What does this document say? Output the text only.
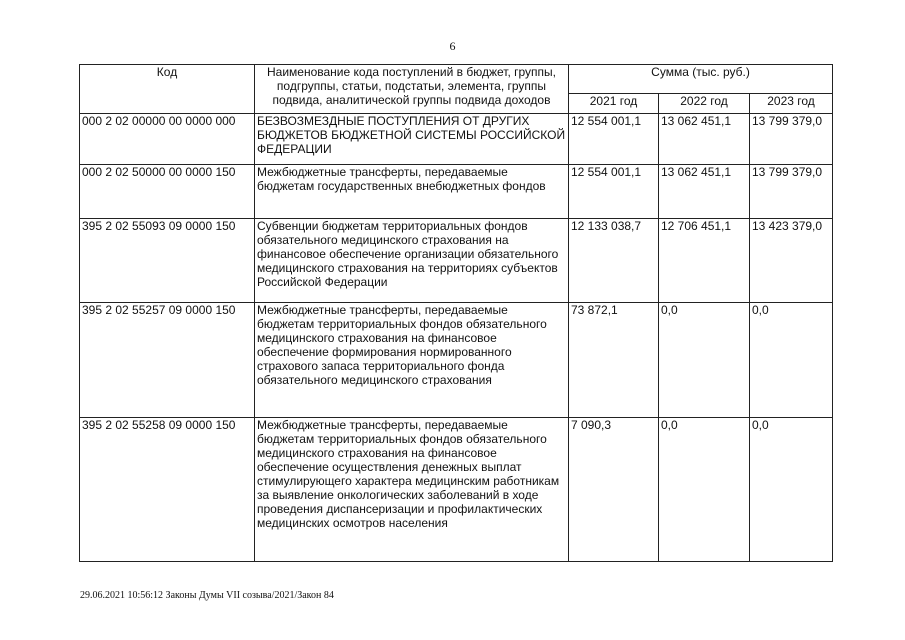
6
Код	Наименование кода поступлений в бюджет, группы, подгруппы, статьи, подстатьи, элемента, группы подвида, аналитической группы подвида доходов	Сумма (тыс. руб.)		
		2021 год	2022 год	2023 год
000 2 02 00000 00 0000 000	БЕЗВОЗМЕЗДНЫЕ ПОСТУПЛЕНИЯ ОТ ДРУГИХ БЮДЖЕТОВ БЮДЖЕТНОЙ СИСТЕМЫ РОССИЙСКОЙ ФЕДЕРАЦИИ	12 554 001,1	13 062 451,1	13 799 379,0
000 2 02 50000 00 0000 150	Межбюджетные трансферты, передаваемые бюджетам государственных внебюджетных фондов	12 554 001,1	13 062 451,1	13 799 379,0
395 2 02 55093 09 0000 150	Субвенции бюджетам территориальных фондов обязательного медицинского страхования на финансовое обеспечение организации обязательного медицинского страхования на территориях субъектов Российской Федерации	12 133 038,7	12 706 451,1	13 423 379,0
395 2 02 55257 09 0000 150	Межбюджетные трансферты, передаваемые бюджетам территориальных фондов обязательного медицинского страхования на финансовое обеспечение формирования нормированного страхового запаса территориального фонда обязательного медицинского страхования	73 872,1	0,0	0,0
395 2 02 55258 09 0000 150	Межбюджетные трансферты, передаваемые бюджетам территориальных фондов обязательного медицинского страхования на финансовое обеспечение осуществления денежных выплат стимулирующего характера медицинским работникам за выявление онкологических заболеваний в ходе проведения диспансеризации и профилактических медицинских осмотров населения	7 090,3	0,0	0,0
29.06.2021 10:56:12 Законы Думы VII созыва/2021/Закон 84
